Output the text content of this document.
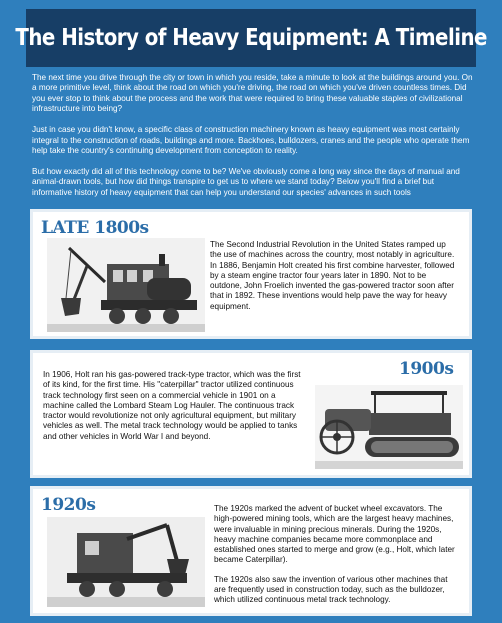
The History of Heavy Equipment: A Timeline

The next time you drive through the city or town in which you reside, take a minute to look at the buildings around you. On a more primitive level, think about the road on which you're driving, the road on which you've driven countless times. Did you ever stop to think about the process and the work that were required to bring these valuable staples of civilizational infrastructure into being?

Just in case you didn't know, a specific class of construction machinery known as heavy equipment was most certainly integral to the construction of roads, buildings and more. Backhoes, bulldozers, cranes and the people who operate them help take the country's continuing development from conception to reality.

But how exactly did all of this technology come to be? We've obviously come a long way since the days of manual and animal-drawn tools, but how did things transpire to get us to where we stand today? Below you'll find a brief but informative history of heavy equipment that can help you understand our species' advances in such tools

LATE 1800s

The Second Industrial Revolution in the United States ramped up the use of machines across the country, most notably in agriculture. In 1886, Benjamin Holt created his first combine harvester, followed by a steam engine tractor four years later in 1890. Not to be outdone, John Froelich invented the gas-powered tractor soon after that in 1892. These inventions would help pave the way for heavy equipment.

In 1906, Holt ran his gas-powered track-type tractor, which was the first of its kind, for the first time. His "caterpillar" tractor utilized continuous track technology first seen on a commercial vehicle in 1901 on a machine called the Lombard Steam Log Hauler. The continuous track tractor would revolutionize not only agricultural equipment, but military vehicles as well. The metal track technology would be applied to tanks and other vehicles in World War I and beyond.

1900s
1920s	The 1920s marked the advent of bucket wheel excavators. The high-powered mining tools, which are the largest heavy machines, were invaluable in mining precious minerals. During the 1920s, heavy machine companies became more commonplace and established ones started to merge and grow (e.g., Holt, which later became Caterpillar).

The 1920s also saw the invention of various other machines that are frequently used in construction today, such as the bulldozer, which utilized continuous metal track technology.
